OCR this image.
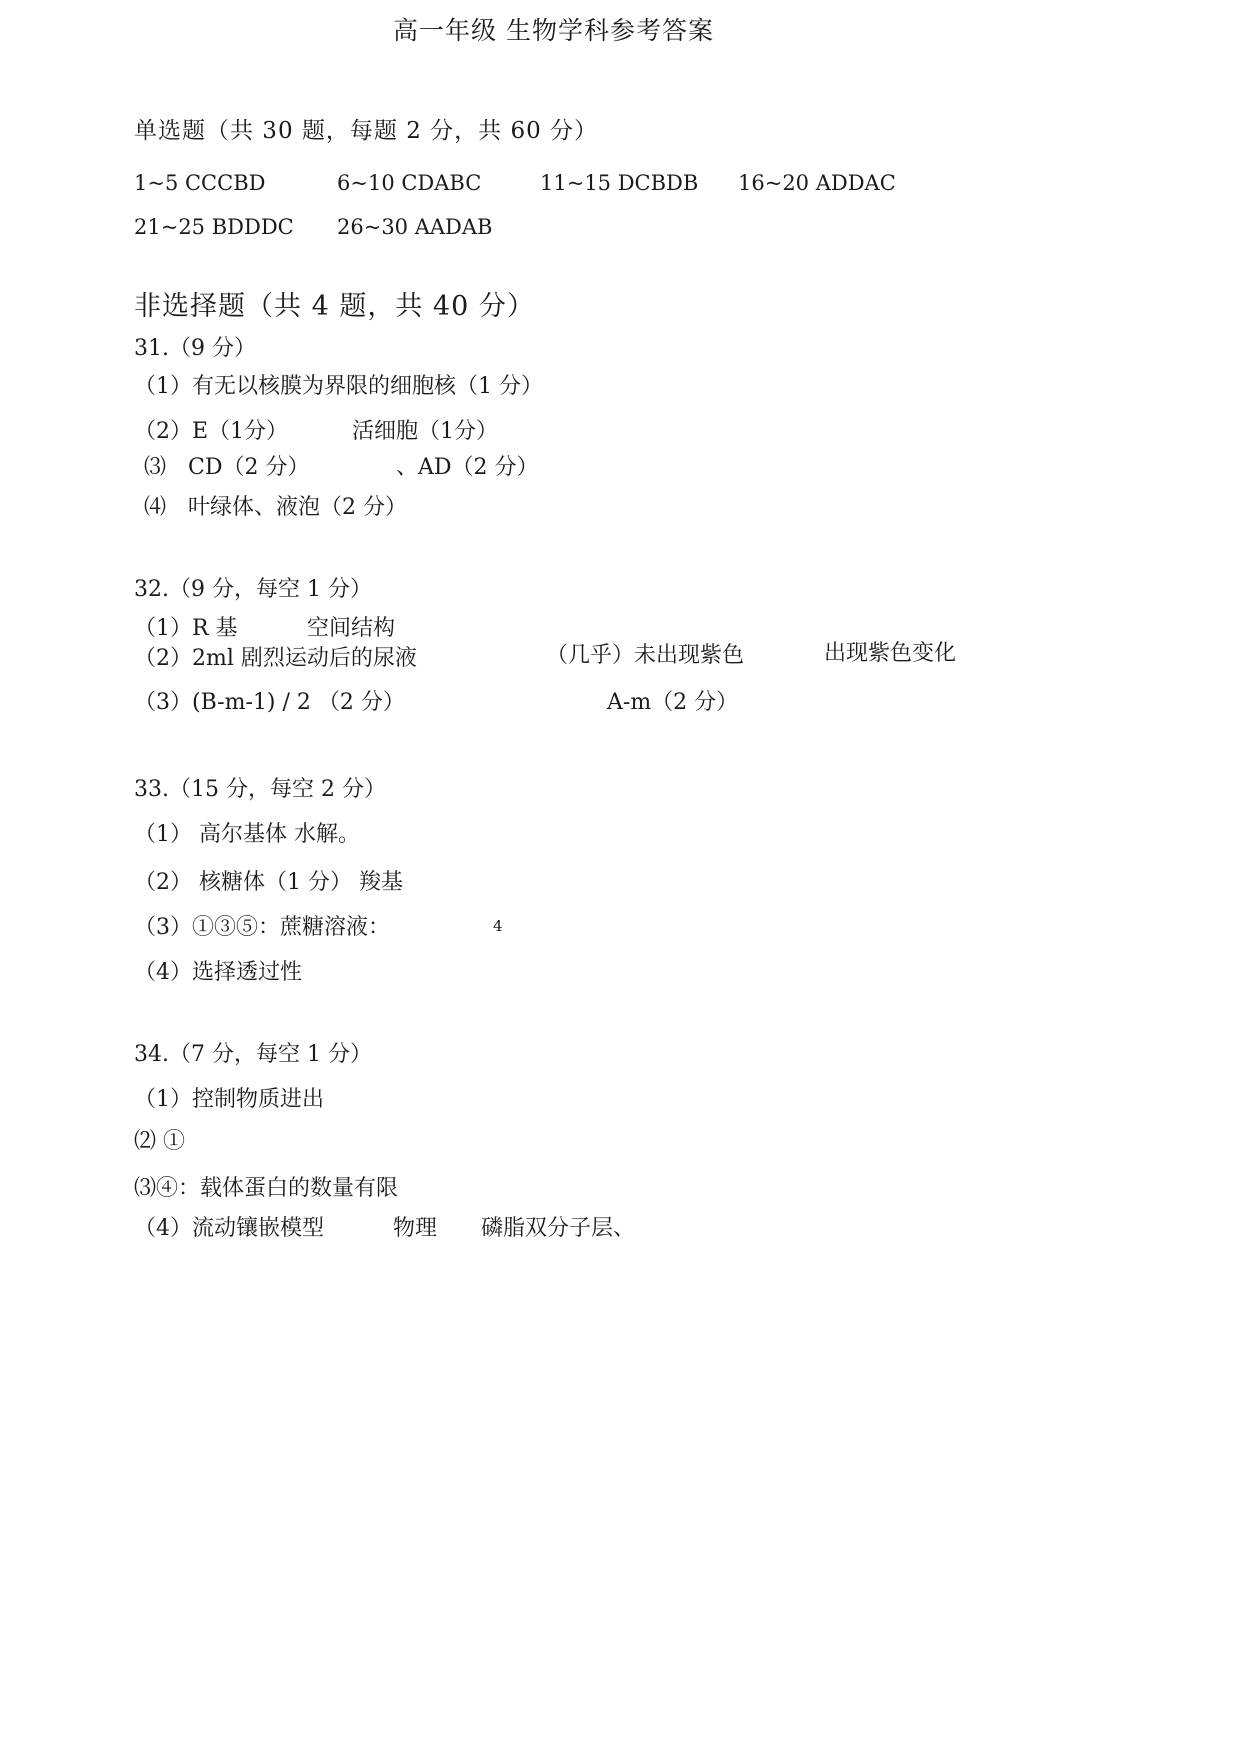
高一年级 生物学科参考答案
单选题（共 30 题，每题 2 分，共 60 分）
1~5 CCCBD	6~10 CDABC	11~15 DCBDB 16~20 ADDAC
21~25 BDDDC 26~30 AADAB
非选择题（共 4 题，共 40 分）
31.（9 分）
（1）有无以核膜为界限的细胞核（1 分）
（2）E（1分）	活细胞（1分）
⑶　CD（2 分）	、AD（2 分）
⑷　叶绿体、液泡（2 分）
32.（9 分，每空 1 分）
（1）R 基	空间结构
（2）2ml 剧烈运动后的尿液	（几乎）未出现紫色	出现紫色变化
（3）(B-m-1) / 2 （2 分）	A-m（2 分）
33.（15 分，每空 2 分）
（1） 高尔基体 水解。
（2） 核糖体（1 分） 羧基
（3）①③⑤：蔗糖溶液：	4
（4）选择透过性
34.（7 分，每空 1 分）
（1）控制物质进出
⑵ ①
⑶④：载体蛋白的数量有限
（4）流动镶嵌模型	物理 磷脂双分子层、
